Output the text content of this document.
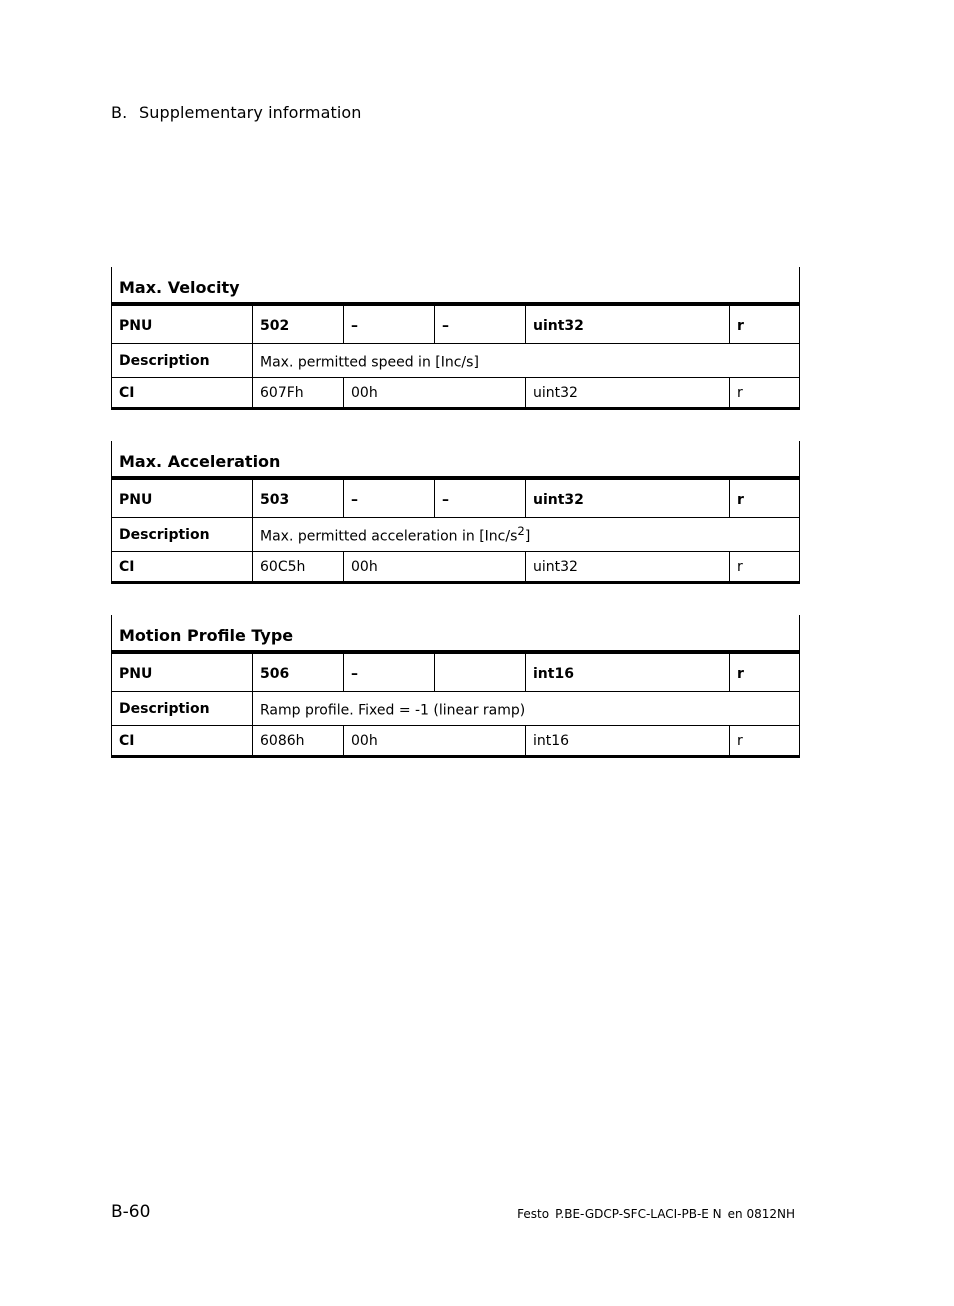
B. Supplementary information
Max. Velocity					
PNU	502	–	–	uint32	r
Description	Max. permitted speed in [Inc/s]				
CI	607Fh	00h		uint32	r
Max. Acceleration					
PNU	503	–	–	uint32	r
Description	Max. permitted acceleration in $[Inc/s^2]$				
CI	60C5h	00h		uint32	r
Motion Profile Type					
PNU	506	–		int16	r
Description	Ramp profile. Fixed = -1 (linear ramp)				
CI	6086h	00h		int16	r
B-60	Festo P.BE-GDCP-SFC-LACI-PB-E N en 0812NH
